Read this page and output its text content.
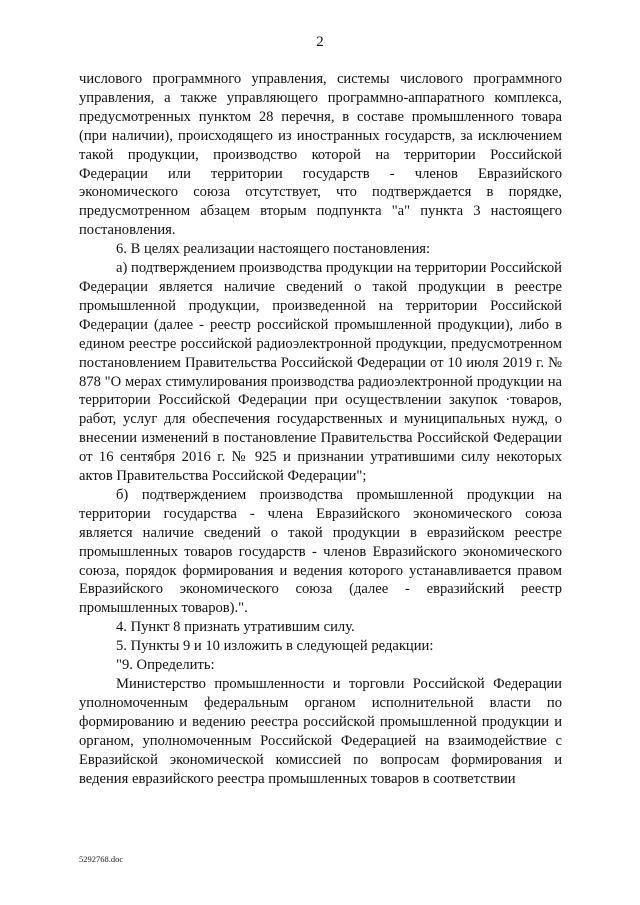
2

числового программного управления, системы числового программного управления, а также управляющего программно-аппаратного комплекса, предусмотренных пунктом 28 перечня, в составе промышленного товара (при наличии), происходящего из иностранных государств, за исключением такой продукции, производство которой на территории Российской Федерации или территории государств - членов Евразийского экономического союза отсутствует, что подтверждается в порядке, предусмотренном абзацем вторым подпункта "а" пункта 3 настоящего постановления.

6. В целях реализации настоящего постановления:

а) подтверждением производства продукции на территории Российской Федерации является наличие сведений о такой продукции в реестре промышленной продукции, произведенной на территории Российской Федерации (далее - реестр российской промышленной продукции), либо в едином реестре российской радиоэлектронной продукции, предусмотренном постановлением Правительства Российской Федерации от 10 июля 2019 г. № 878 "О мерах стимулирования производства радиоэлектронной продукции на территории Российской Федерации при осуществлении закупок ·товаров, работ, услуг для обеспечения государственных и муниципальных нужд, о внесении изменений в постановление Правительства Российской Федерации от 16 сентября 2016 г. № 925 и признании утратившими силу некоторых актов Правительства Российской Федерации";

б) подтверждением производства промышленной продукции на территории государства - члена Евразийского экономического союза является наличие сведений о такой продукции в евразийском реестре промышленных товаров государств - членов Евразийского экономического союза, порядок формирования и ведения которого устанавливается правом Евразийского экономического союза (далее - евразийский реестр промышленных товаров).".

4. Пункт 8 признать утратившим силу.

5. Пункты 9 и 10 изложить в следующей редакции:

"9. Определить:

Министерство промышленности и торговли Российской Федерации уполномоченным федеральным органом исполнительной власти по формированию и ведению реестра российской промышленной продукции и органом, уполномоченным Российской Федерацией на взаимодействие с Евразийской экономической комиссией по вопросам формирования и ведения евразийского реестра промышленных товаров в соответствии

5292768.doc
